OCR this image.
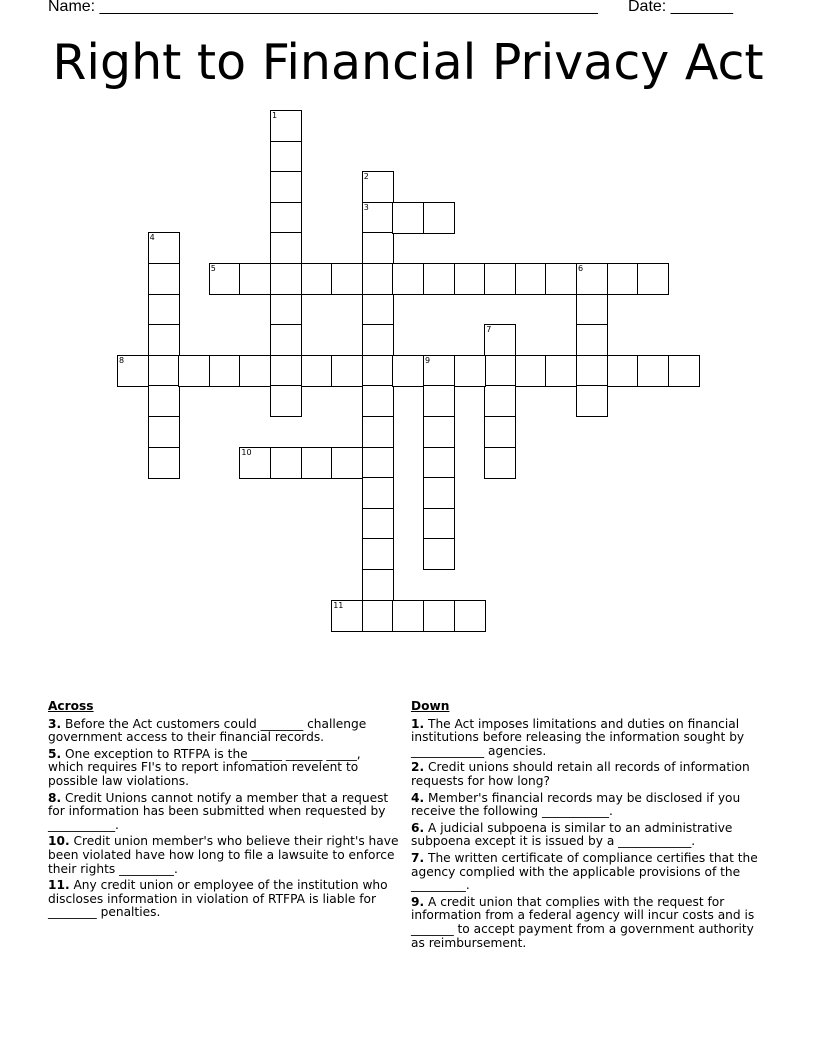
Name: ________________________________________________________ Date: _______
Right to Financial Privacy Act
1
2
3
4
5	6
7
8	9
10
11
Across
3. Before the Act customers could _______ challenge government access to their financial records.
5. One exception to RTFPA is the _____ ______ _____, which requires FI's to report infomation revelent to possible law violations.
8. Credit Unions cannot notify a member that a request for information has been submitted when requested by ___________.
10. Credit union member's who believe their right's have been violated have how long to file a lawsuite to enforce their rights _________.
11. Any credit union or employee of the institution who discloses information in violation of RTFPA is liable for ________ penalties.
Down
1. The Act imposes limitations and duties on financial institutions before releasing the information sought by ____________ agencies.
2. Credit unions should retain all records of information requests for how long?
4. Member's financial records may be disclosed if you receive the following ___________.
6. A judicial subpoena is similar to an administrative subpoena except it is issued by a ____________.
7. The written certificate of compliance certifies that the agency complied with the applicable provisions of the _________.
9. A credit union that complies with the request for information from a federal agency will incur costs and is _______ to accept payment from a government authority as reimbursement.
